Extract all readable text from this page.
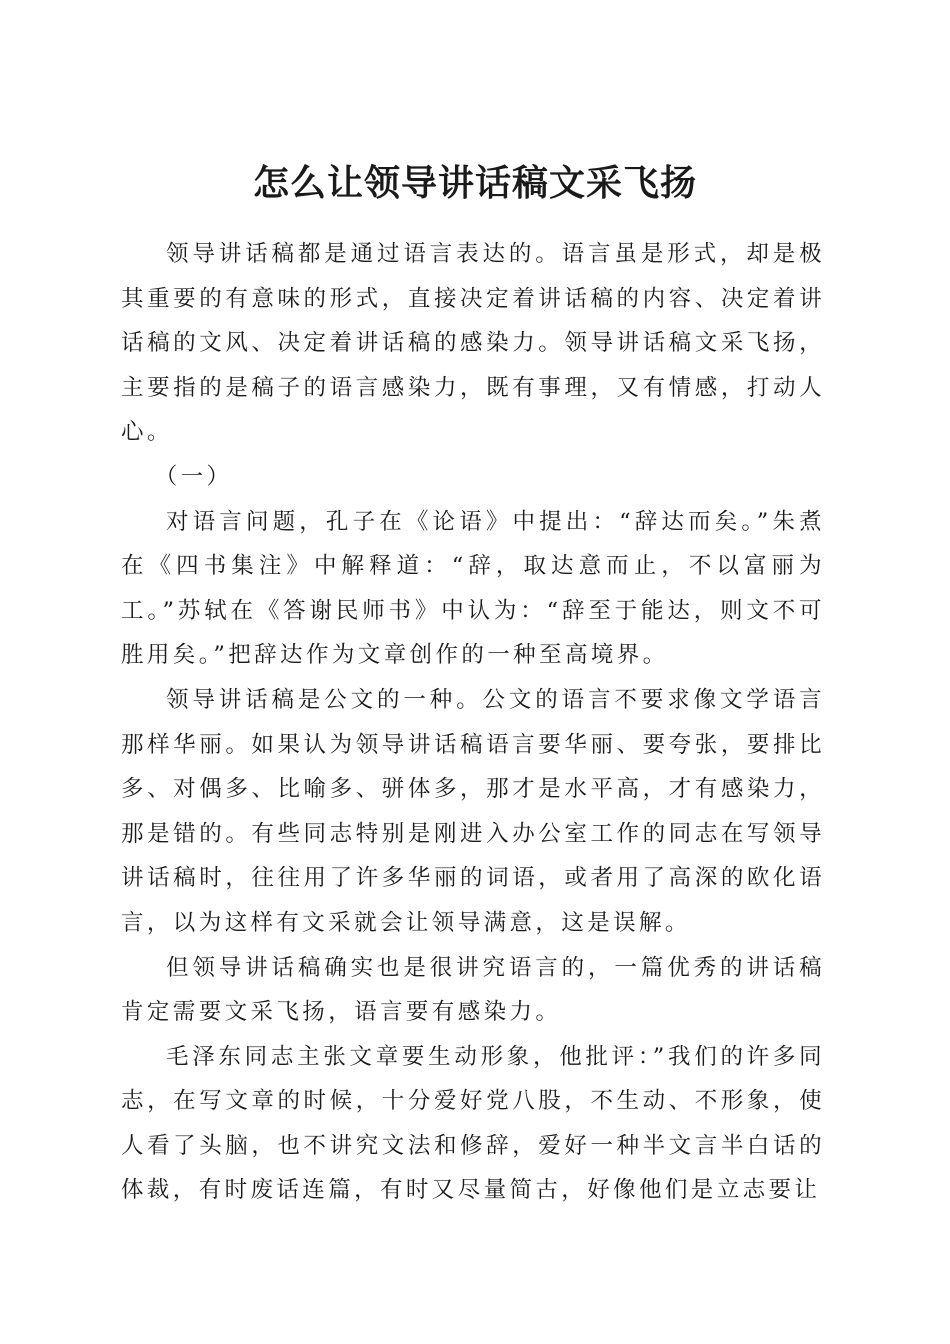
怎么让领导讲话稿文采飞扬

领导讲话稿都是通过语言表达的。语言虽是形式，却是极其重要的有意味的形式，直接决定着讲话稿的内容、决定着讲话稿的文风、决定着讲话稿的感染力。领导讲话稿文采飞扬，主要指的是稿子的语言感染力，既有事理，又有情感，打动人心。

（一）

对语言问题，孔子在《论语》中提出：“辞达而矣。”朱煮在《四书集注》中解释道：“辞，取达意而止，不以富丽为工。”苏轼在《答谢民师书》中认为：“辞至于能达，则文不可胜用矣。”把辞达作为文章创作的一种至高境界。

领导讲话稿是公文的一种。公文的语言不要求像文学语言那样华丽。如果认为领导讲话稿语言要华丽、要夸张，要排比多、对偶多、比喻多、骈体多，那才是水平高，才有感染力，那是错的。有些同志特别是刚进入办公室工作的同志在写领导讲话稿时，往往用了许多华丽的词语，或者用了高深的欧化语言，以为这样有文采就会让领导满意，这是误解。

但领导讲话稿确实也是很讲究语言的，一篇优秀的讲话稿肯定需要文采飞扬，语言要有感染力。

毛泽东同志主张文章要生动形象，他批评：”我们的许多同志，在写文章的时候，十分爱好党八股，不生动、不形象，使人看了头脑，也不讲究文法和修辞，爱好一种半文言半白话的体裁，有时废话连篇，有时又尽量简古，好像他们是立志要让
